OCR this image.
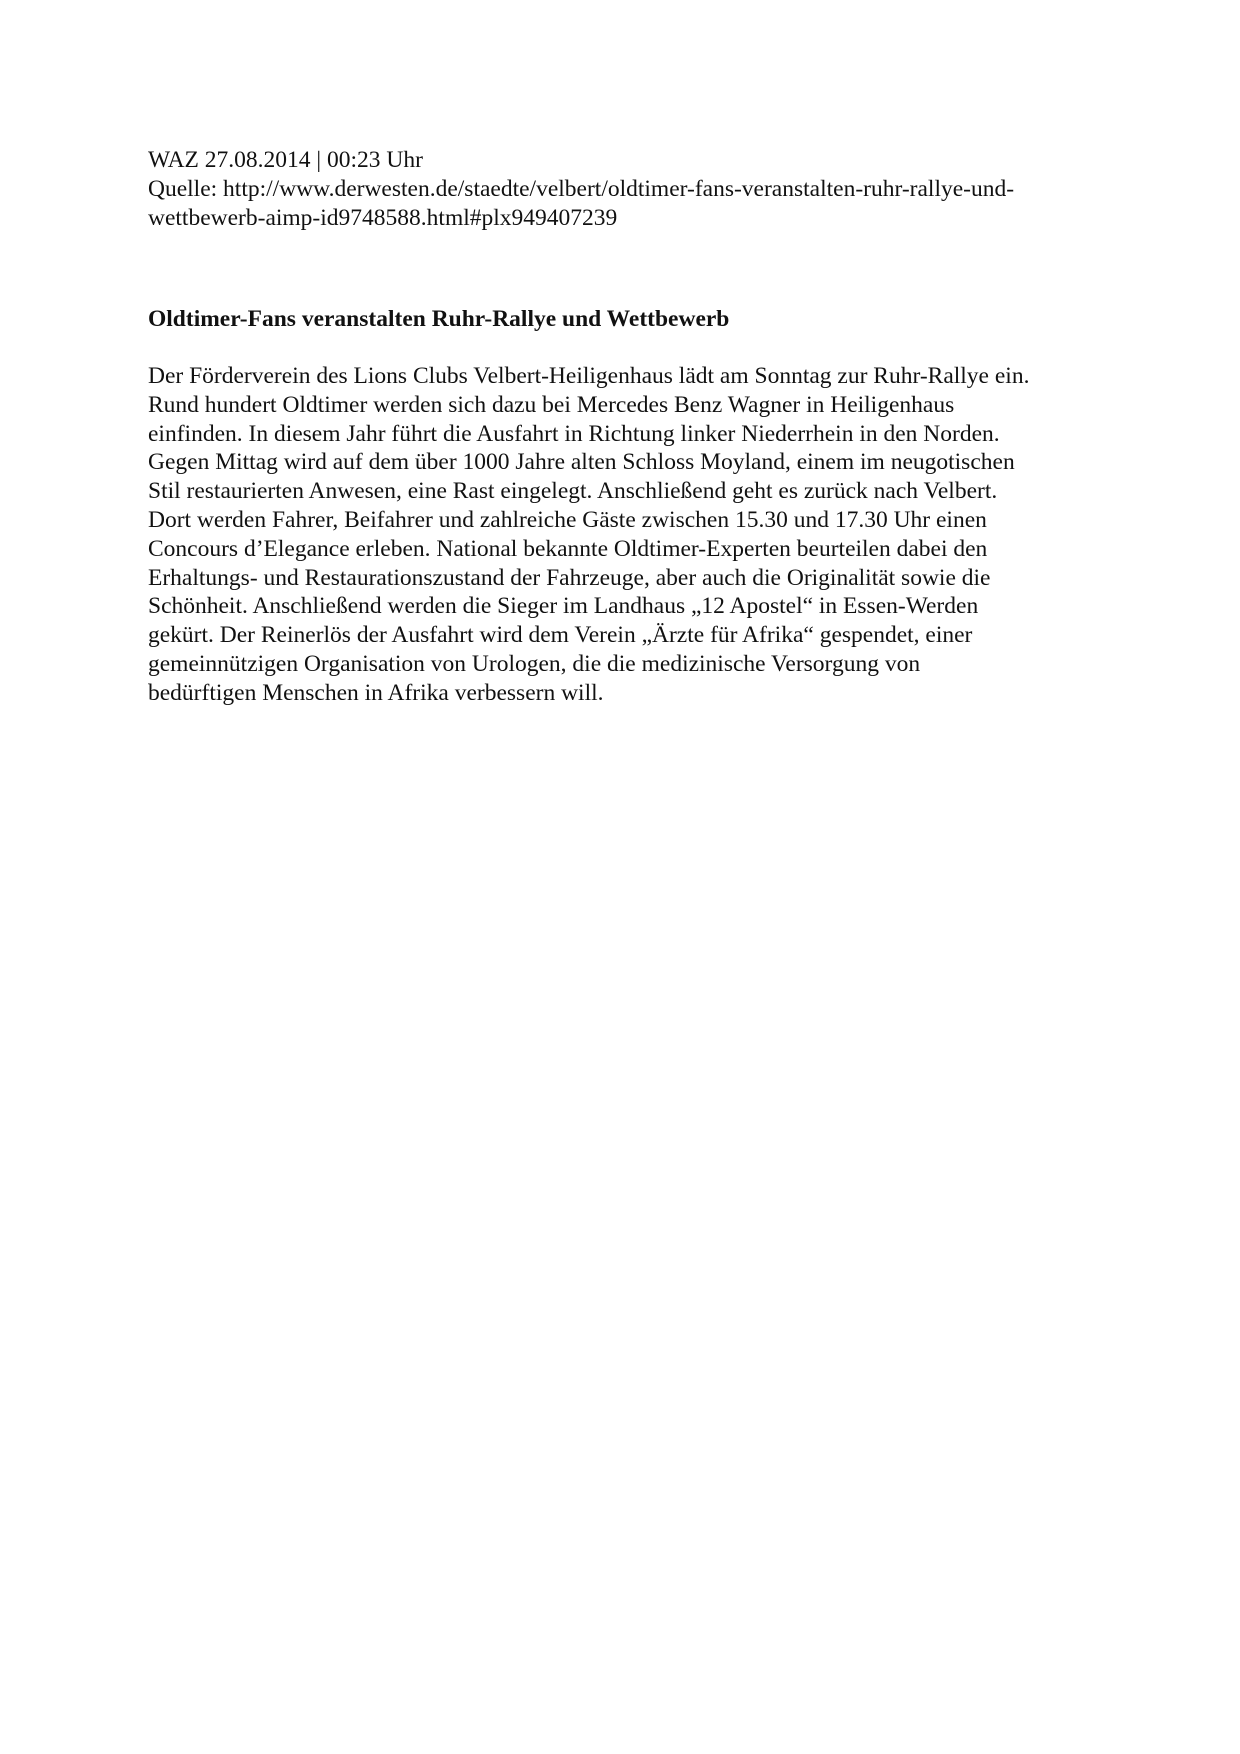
WAZ 27.08.2014 | 00:23 Uhr

Quelle: http://www.derwesten.de/staedte/velbert/oldtimer-fans-veranstalten-ruhr-rallye-und-

wettbewerb-aimp-id9748588.html#plx949407239

Oldtimer-Fans veranstalten Ruhr-Rallye und Wettbewerb

Der Förderverein des Lions Clubs Velbert-Heiligenhaus lädt am Sonntag zur Ruhr-Rallye ein.
Rund hundert Oldtimer werden sich dazu bei Mercedes Benz Wagner in Heiligenhaus
einfinden. In diesem Jahr führt die Ausfahrt in Richtung linker Niederrhein in den Norden.
Gegen Mittag wird auf dem über 1000 Jahre alten Schloss Moyland, einem im neugotischen
Stil restaurierten Anwesen, eine Rast eingelegt. Anschließend geht es zurück nach Velbert.
Dort werden Fahrer, Beifahrer und zahlreiche Gäste zwischen 15.30 und 17.30 Uhr einen
Concours d’Elegance erleben. National bekannte Oldtimer-Experten beurteilen dabei den
Erhaltungs- und Restaurationszustand der Fahrzeuge, aber auch die Originalität sowie die
Schönheit. Anschließend werden die Sieger im Landhaus „12 Apostel“ in Essen-Werden
gekürt. Der Reinerlös der Ausfahrt wird dem Verein „Ärzte für Afrika“ gespendet, einer
gemeinnützigen Organisation von Urologen, die die medizinische Versorgung von
bedürftigen Menschen in Afrika verbessern will.
